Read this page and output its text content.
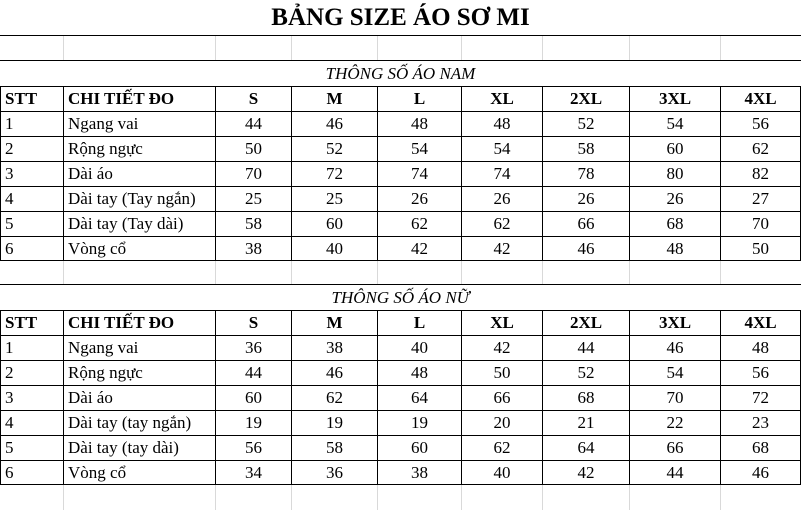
BẢNG SIZE ÁO SƠ MI
THÔNG SỐ ÁO NAM
STT	CHI TIẾT ĐO	S	M	L	XL	2XL	3XL	4XL
1	Ngang vai	44	46	48	48	52	54	56
2	Rộng ngực	50	52	54	54	58	60	62
3	Dài áo	70	72	74	74	78	80	82
4	Dài tay (Tay ngắn)	25	25	26	26	26	26	27
5	Dài tay (Tay dài)	58	60	62	62	66	68	70
6	Vòng cổ	38	40	42	42	46	48	50
THÔNG SỐ ÁO NỮ
STT	CHI TIẾT ĐO	S	M	L	XL	2XL	3XL	4XL
1	Ngang vai	36	38	40	42	44	46	48
2	Rộng ngực	44	46	48	50	52	54	56
3	Dài áo	60	62	64	66	68	70	72
4	Dài tay (tay ngắn)	19	19	19	20	21	22	23
5	Dài tay (tay dài)	56	58	60	62	64	66	68
6	Vòng cổ	34	36	38	40	42	44	46
